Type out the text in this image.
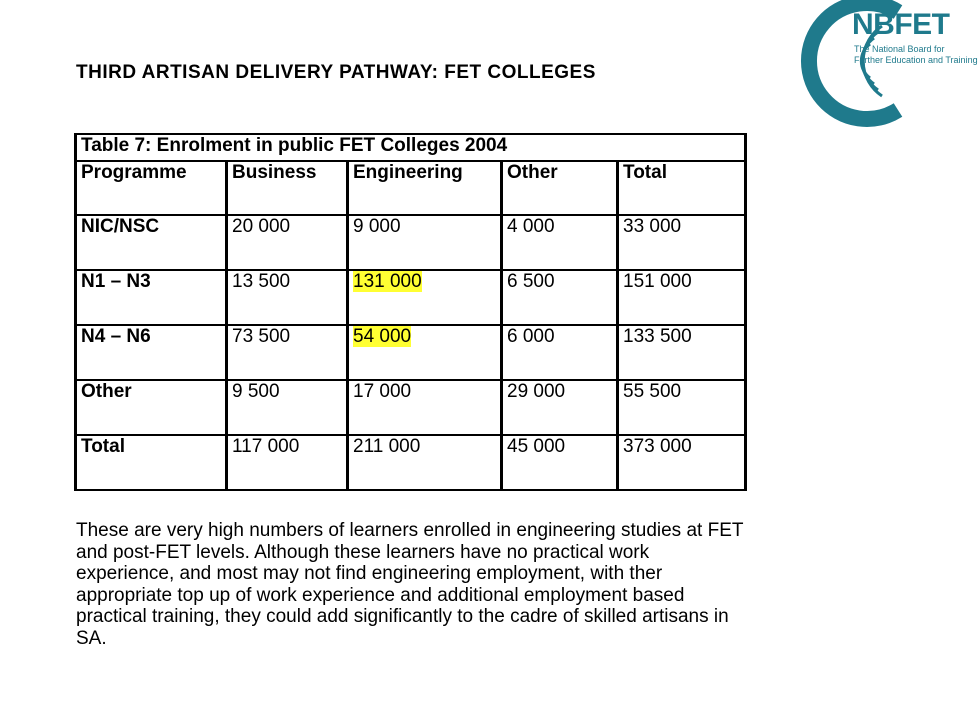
THIRD ARTISAN DELIVERY PATHWAY: FET COLLEGES
NBFET
The National Board for
Further Education and Training
Table 7: Enrolment in public FET Colleges 2004				
Programme	Business	Engineering	Other	Total
NIC/NSC	20 000	9 000	4 000	33 000
N1 – N3	13 500	131 000	6 500	151 000
N4 – N6	73 500	54 000	6 000	133 500
Other	9 500	17 000	29 000	55 500
Total	117 000	211 000	45 000	373 000
These are very high numbers of learners enrolled in engineering studies at FET
and post-FET levels. Although these learners have no practical work
experience, and most may not find engineering employment, with ther
appropriate top up of work experience and additional employment based
practical training, they could add significantly to the cadre of skilled artisans in
SA.
